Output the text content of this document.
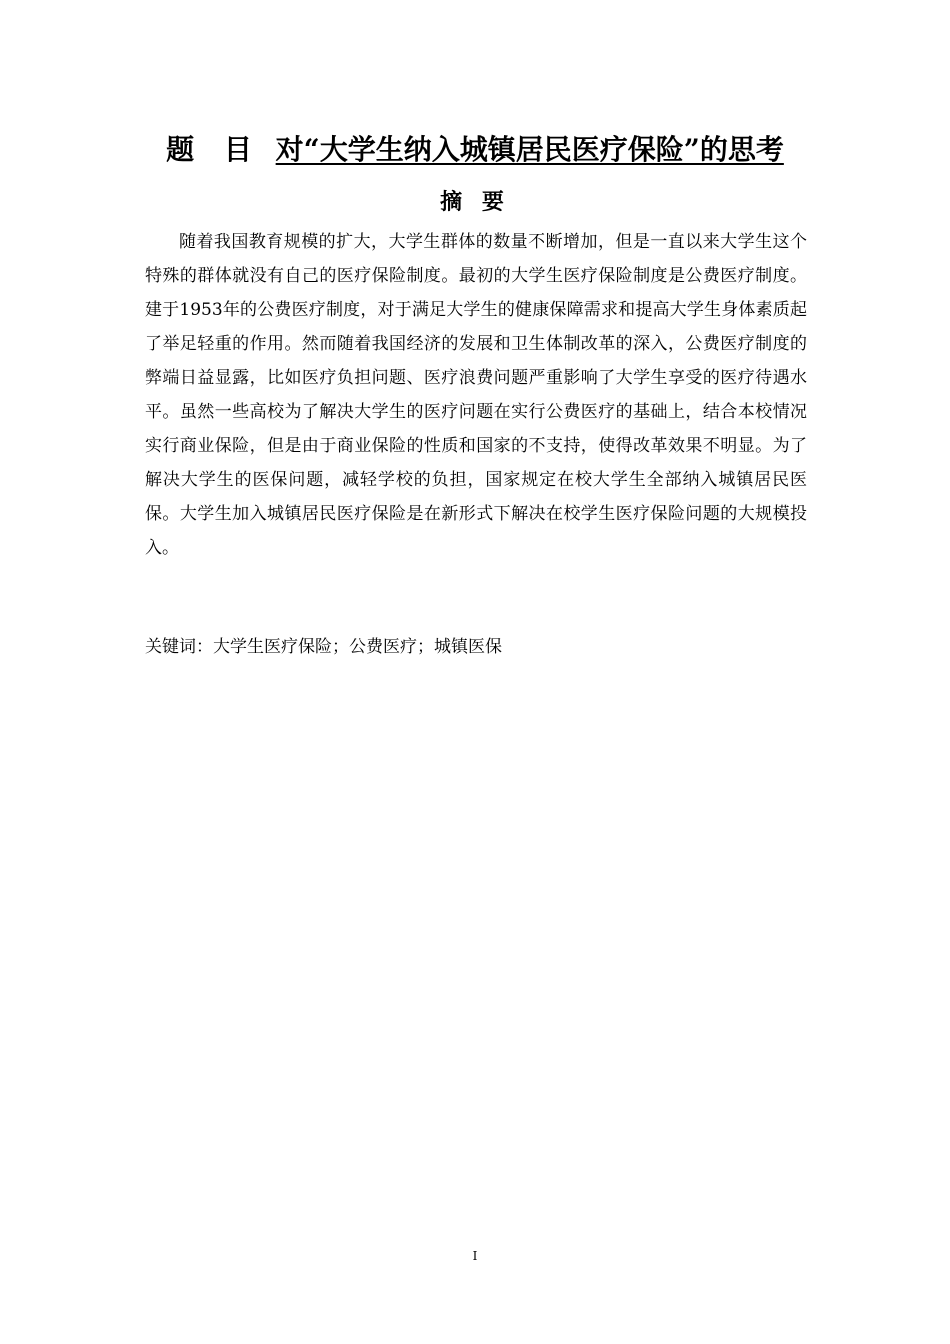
题 目 对“大学生纳入城镇居民医疗保险”的思考
摘 要

随着我国教育规模的扩大，大学生群体的数量不断增加，但是一直以来大学生这个特殊的群体就没有自己的医疗保险制度。最初的大学生医疗保险制度是公费医疗制度。建于1953年的公费医疗制度，对于满足大学生的健康保障需求和提高大学生身体素质起了举足轻重的作用。然而随着我国经济的发展和卫生体制改革的深入，公费医疗制度的弊端日益显露，比如医疗负担问题、医疗浪费问题严重影响了大学生享受的医疗待遇水平。虽然一些高校为了解决大学生的医疗问题在实行公费医疗的基础上，结合本校情况实行商业保险，但是由于商业保险的性质和国家的不支持，使得改革效果不明显。为了解决大学生的医保问题，减轻学校的负担，国家规定在校大学生全部纳入城镇居民医保。大学生加入城镇居民医疗保险是在新形式下解决在校学生医疗保险问题的大规模投入。

关键词：大学生医疗保险；公费医疗；城镇医保

I
